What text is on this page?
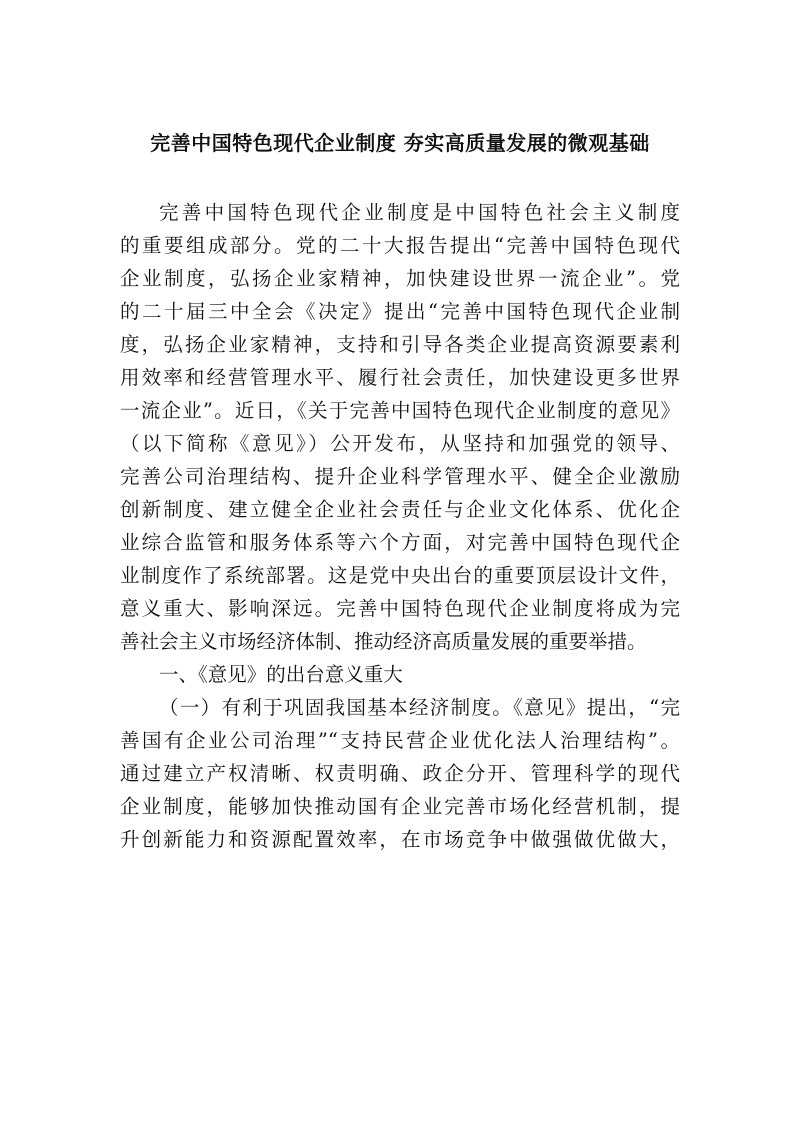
完善中国特色现代企业制度 夯实高质量发展的微观基础
完善中国特色现代企业制度是中国特色社会主义制度
的重要组成部分。党的二十大报告提出“完善中国特色现代
企业制度，弘扬企业家精神，加快建设世界一流企业”。党
的二十届三中全会《决定》提出“完善中国特色现代企业制
度，弘扬企业家精神，支持和引导各类企业提高资源要素利
用效率和经营管理水平、履行社会责任，加快建设更多世界
一流企业”。近日，《关于完善中国特色现代企业制度的意见》
（以下简称《意见》）公开发布，从坚持和加强党的领导、
完善公司治理结构、提升企业科学管理水平、健全企业激励
创新制度、建立健全企业社会责任与企业文化体系、优化企
业综合监管和服务体系等六个方面，对完善中国特色现代企
业制度作了系统部署。这是党中央出台的重要顶层设计文件，
意义重大、影响深远。完善中国特色现代企业制度将成为完
善社会主义市场经济体制、推动经济高质量发展的重要举措。
一、《意见》的出台意义重大
（一）有利于巩固我国基本经济制度。《意见》提出，“完
善国有企业公司治理”“支持民营企业优化法人治理结构”。
通过建立产权清晰、权责明确、政企分开、管理科学的现代
企业制度，能够加快推动国有企业完善市场化经营机制，提
升创新能力和资源配置效率，在市场竞争中做强做优做大，
